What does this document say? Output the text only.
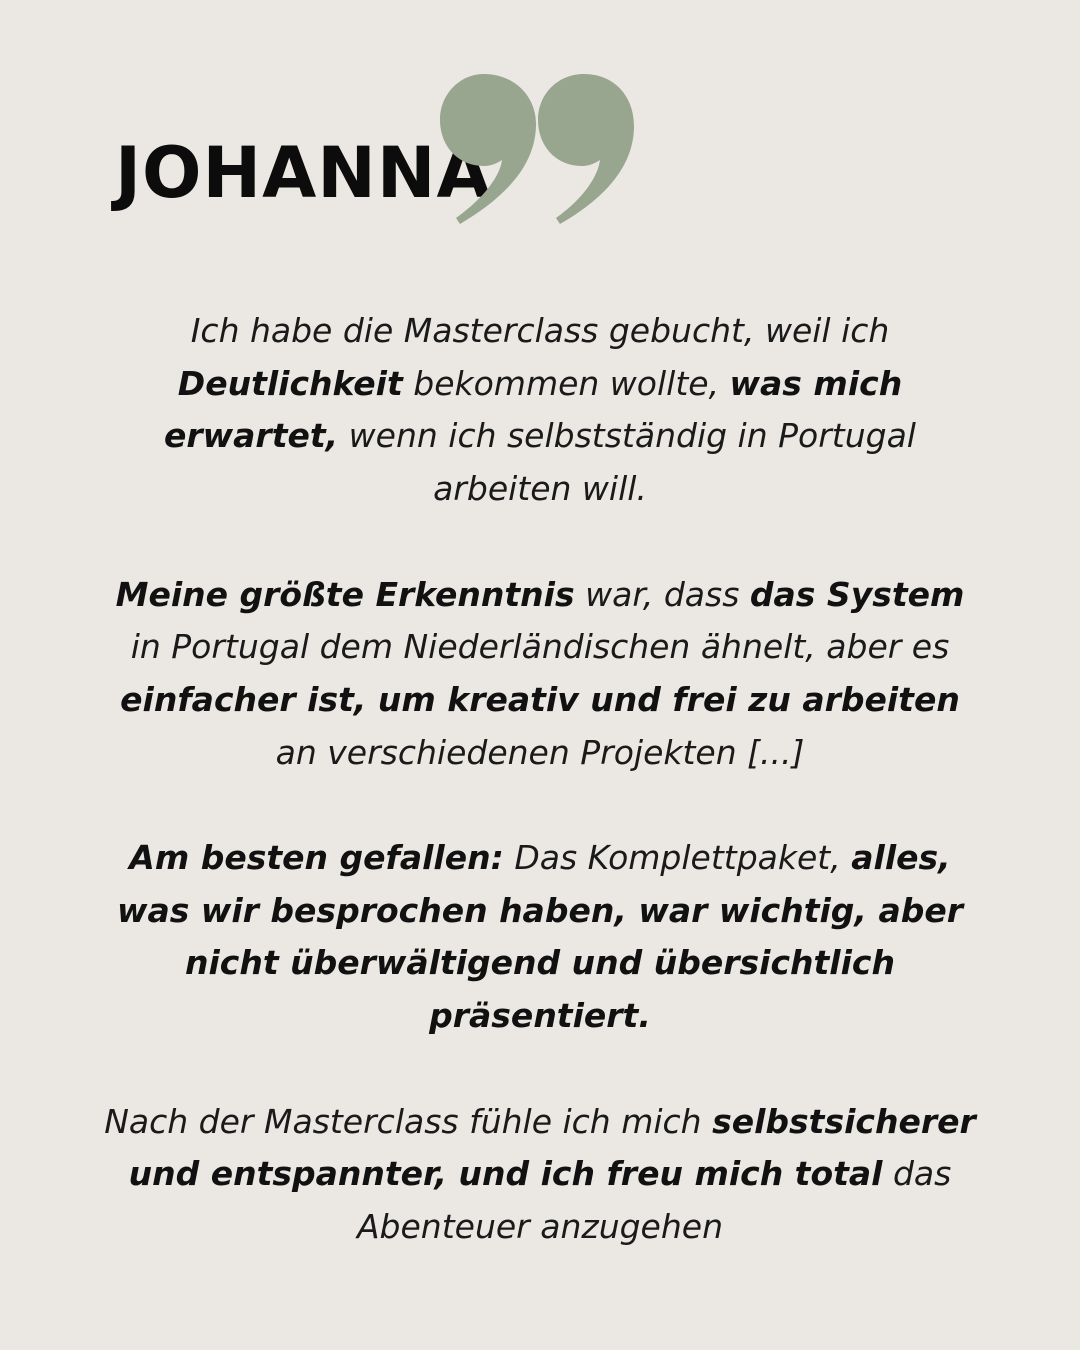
JOHANNA

Ich habe die Masterclass gebucht, weil ich Deutlichkeit bekommen wollte, was mich erwartet, wenn ich selbstständig in Portugal arbeiten will.

Meine größte Erkenntnis war, dass das System in Portugal dem Niederländischen ähnelt, aber es einfacher ist, um kreativ und frei zu arbeiten an verschiedenen Projekten [...]

Am besten gefallen: Das Komplettpaket, alles, was wir besprochen haben, war wichtig, aber nicht überwältigend und übersichtlich präsentiert.

Nach der Masterclass fühle ich mich selbstsicherer und entspannter, und ich freu mich total das Abenteuer anzugehen
